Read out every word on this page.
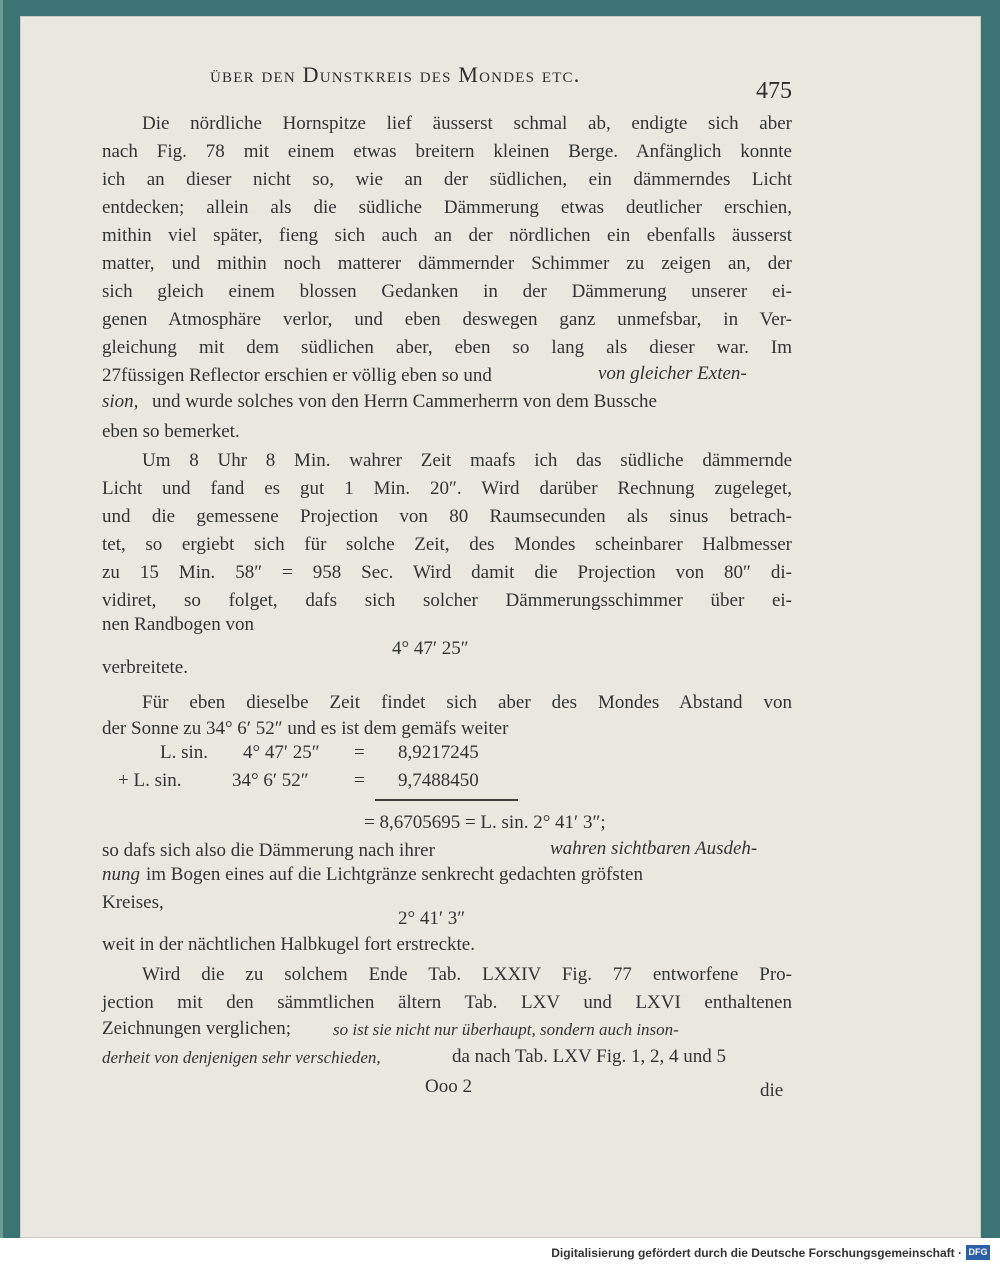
über den Dunstkreis des Mondes etc.
475
Die nördliche Hornspitze lief äusserst schmal ab, endigte sich aber
nach Fig. 78 mit einem etwas breitern kleinen Berge. Anfänglich konnte
ich an dieser nicht so, wie an der südlichen, ein dämmerndes Licht
entdecken; allein als die südliche Dämmerung etwas deutlicher erschien,
mithin viel später, fieng sich auch an der nördlichen ein ebenfalls äusserst
matter, und mithin noch matterer dämmernder Schimmer zu zeigen an, der
sich gleich einem blossen Gedanken in der Dämmerung unserer ei-
genen Atmosphäre verlor, und eben deswegen ganz unmefsbar, in Ver-
gleichung mit dem südlichen aber, eben so lang als dieser war. Im
27füssigen Reflector erschien er völlig eben so und	von gleicher Exten-
sion, und wurde solches von den Herrn Cammerherrn von dem Bussche
eben so bemerket.
Um 8 Uhr 8 Min. wahrer Zeit maafs ich das südliche dämmernde
Licht und fand es gut 1 Min. 20″. Wird darüber Rechnung zugeleget,
und die gemessene Projection von 80 Raumsecunden als sinus betrach-
tet, so ergiebt sich für solche Zeit, des Mondes scheinbarer Halbmesser
zu 15 Min. 58″ = 958 Sec. Wird damit die Projection von 80″ di-
vidiret, so folget, dafs sich solcher Dämmerungsschimmer über ei-
nen Randbogen von
4° 47′ 25″
verbreitete.
Für eben dieselbe Zeit findet sich aber des Mondes Abstand von
der Sonne zu 34° 6′ 52″ und es ist dem gemäfs weiter
L. sin. 4° 47′ 25″ = 8,9217245
+ L. sin.	34° 6′ 52″ = 9,7488450
= 8,6705695 = L. sin. 2° 41′ 3″;
so dafs sich also die Dämmerung nach ihrer	wahren sichtbaren Ausdeh-
nung im Bogen eines auf die Lichtgränze senkrecht gedachten gröfsten
Kreises,
2° 41′ 3″
weit in der nächtlichen Halbkugel fort erstreckte.
Wird die zu solchem Ende Tab. LXXIV Fig. 77 entworfene Pro-
jection mit den sämmtlichen ältern Tab. LXV und LXVI enthaltenen
Zeichnungen verglichen; so ist sie nicht nur überhaupt, sondern auch inson-
derheit von denjenigen sehr verschieden,	da nach Tab. LXV Fig. 1, 2, 4 und 5
Ooo 2	die
Digitalisierung gefördert durch die Deutsche Forschungsgemeinschaft · DFG
